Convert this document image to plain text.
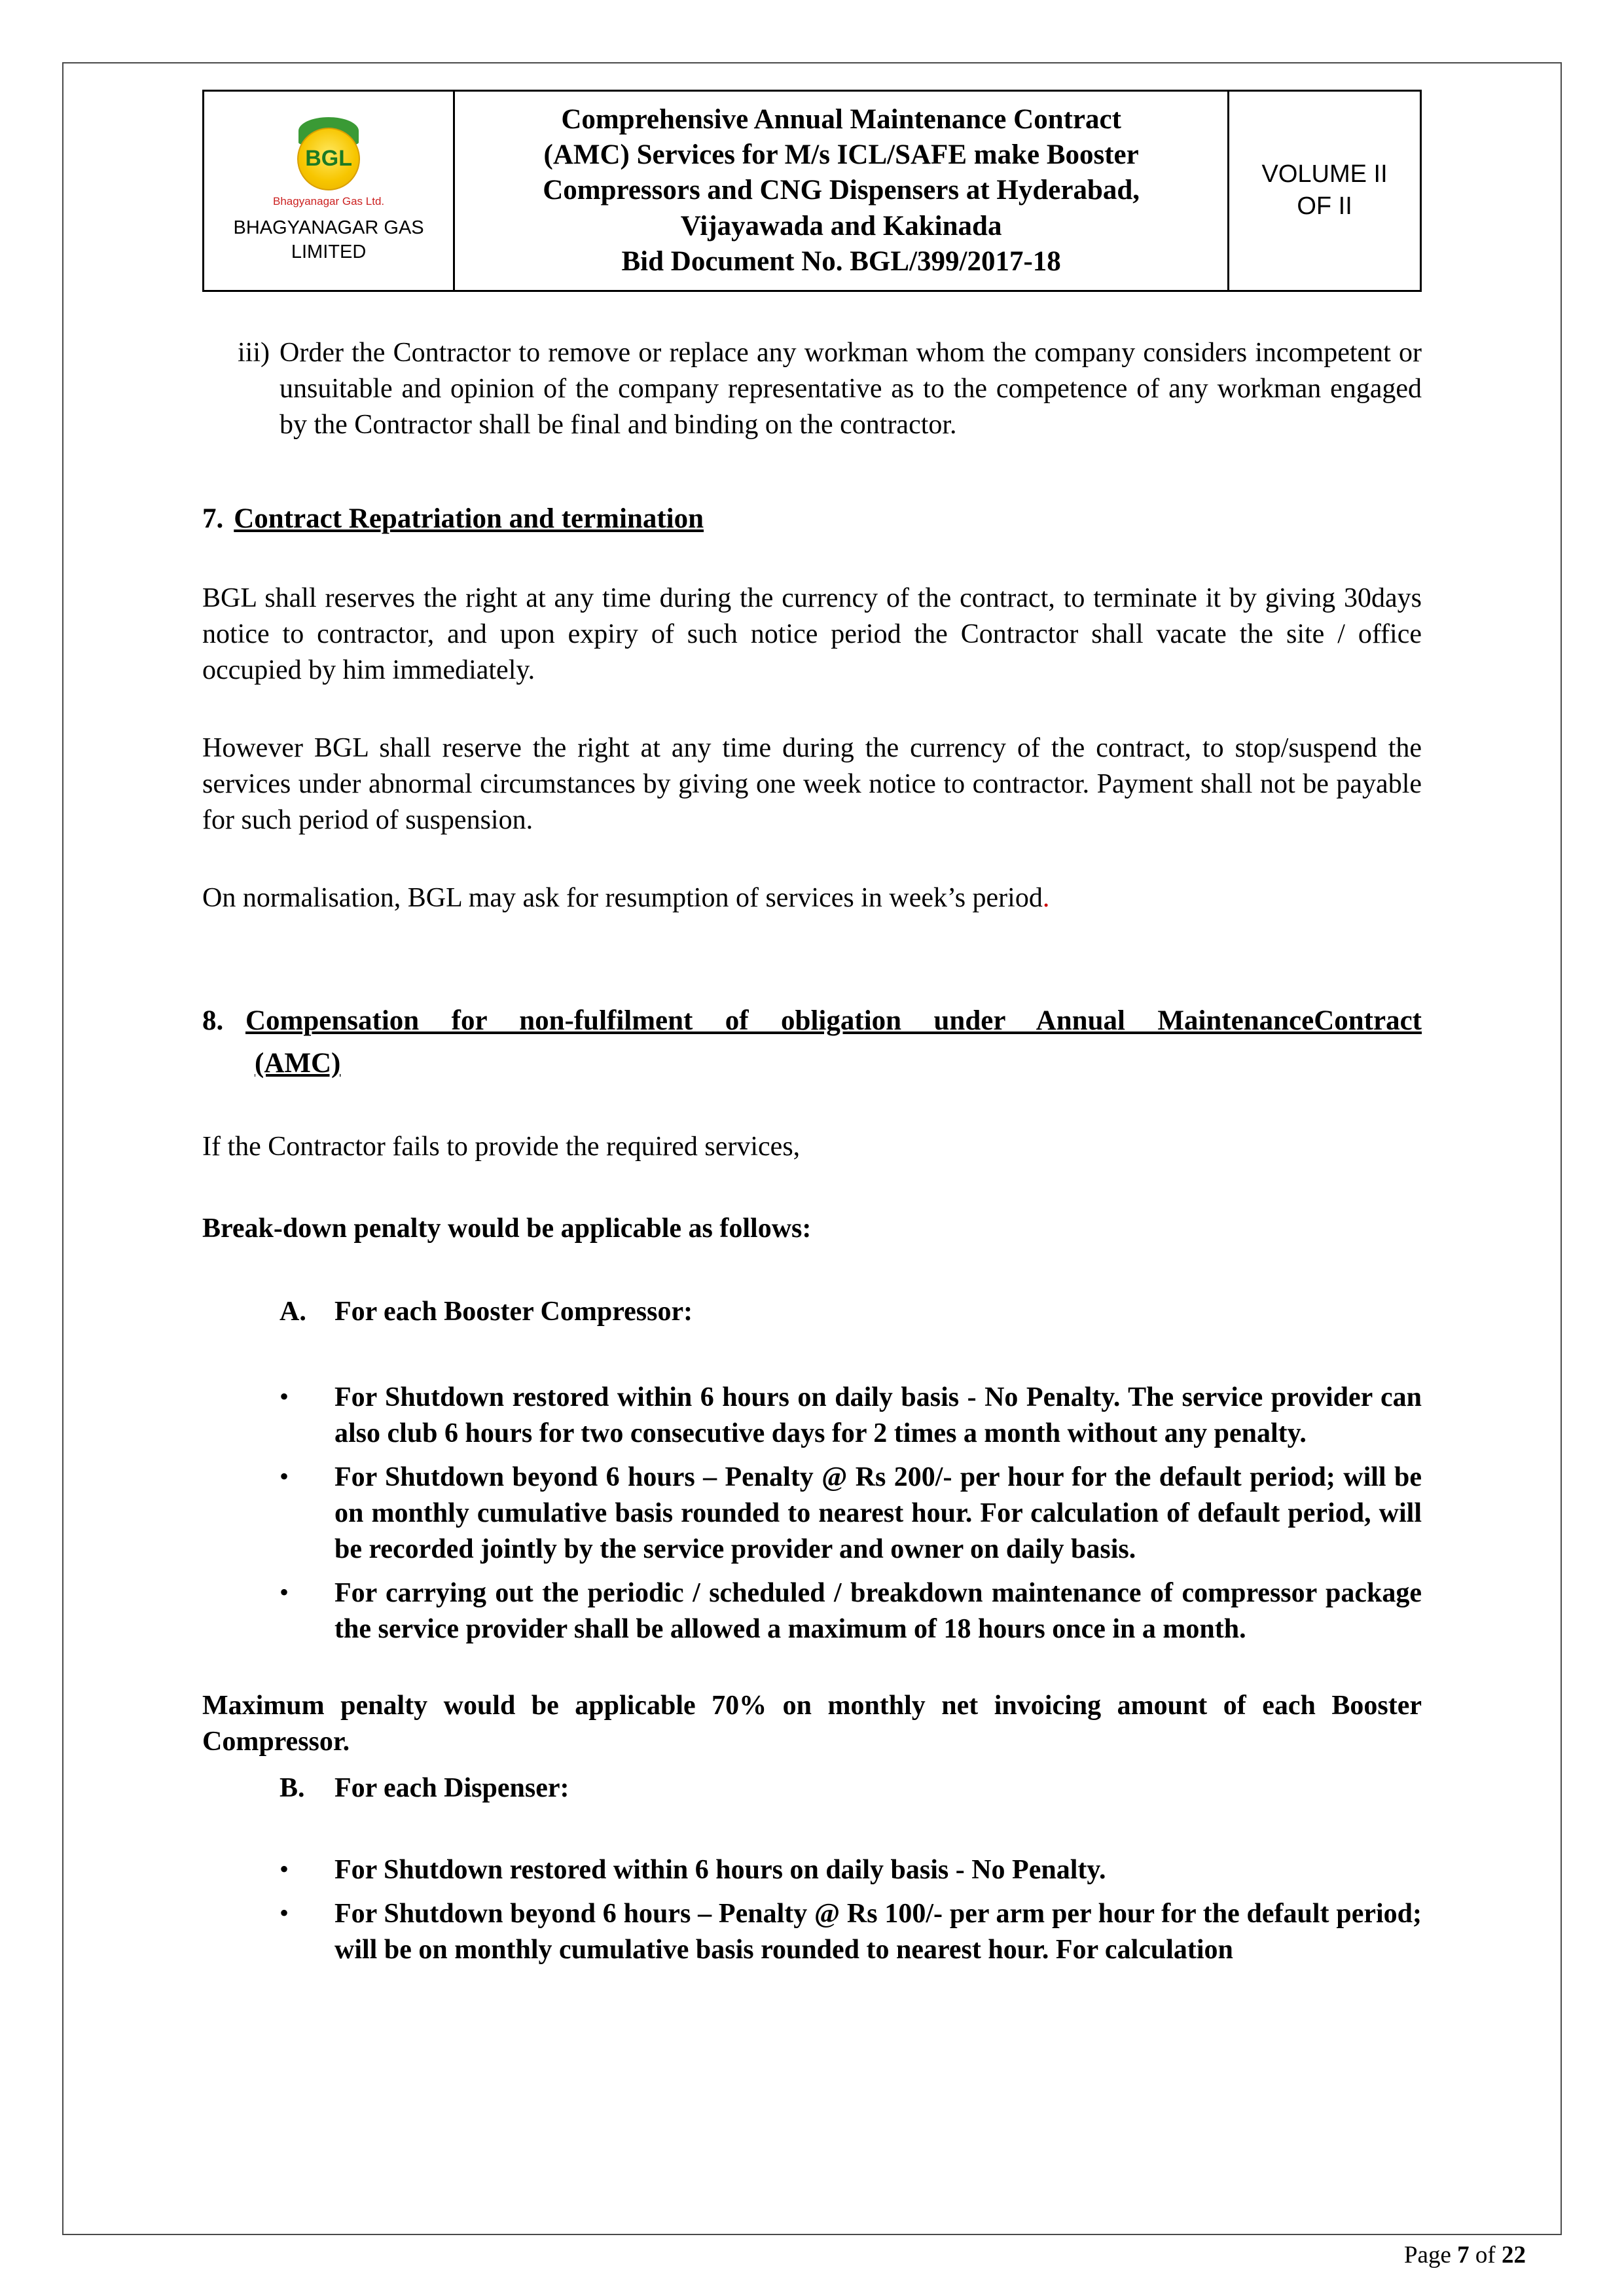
BGL
Bhagyanagar Gas Ltd.
BHAGYANAGAR GAS
LIMITED

Comprehensive Annual Maintenance Contract
(AMC) Services for M/s ICL/SAFE make Booster
Compressors and CNG Dispensers at Hyderabad,
Vijayawada and Kakinada
Bid Document No. BGL/399/2017-18

VOLUME II
OF II
iii) Order the Contractor to remove or replace any workman whom the company considers incompetent or unsuitable and opinion of the company representative as to the competence of any workman engaged by the Contractor shall be final and binding on the contractor.
7. Contract Repatriation and termination

BGL shall reserves the right at any time during the currency of the contract, to terminate it by giving 30days notice to contractor, and upon expiry of such notice period the Contractor shall vacate the site / office occupied by him immediately.

However BGL shall reserve the right at any time during the currency of the contract, to stop/suspend the services under abnormal circumstances by giving one week notice to contractor. Payment shall not be payable for such period of suspension.

On normalisation, BGL may ask for resumption of services in week’s period.

8. Compensation for non-fulfilment of obligation under Annual MaintenanceContract
(AMC)

If the Contractor fails to provide the required services,

Break-down penalty would be applicable as follows:

A.	For each Booster Compressor:
•	For Shutdown restored within 6 hours on daily basis - No Penalty. The service provider can also club 6 hours for two consecutive days for 2 times a month without any penalty.
•	For Shutdown beyond 6 hours – Penalty @ Rs 200/- per hour for the default period; will be on monthly cumulative basis rounded to nearest hour. For calculation of default period, will be recorded jointly by the service provider and owner on daily basis.
•	For carrying out the periodic / scheduled / breakdown maintenance of compressor package the service provider shall be allowed a maximum of 18 hours once in a month.

Maximum penalty would be applicable 70% on monthly net invoicing amount of each Booster Compressor.

B.	For each Dispenser:
•	For Shutdown restored within 6 hours on daily basis - No Penalty.
•	For Shutdown beyond 6 hours – Penalty @ Rs 100/- per arm per hour for the default period; will be on monthly cumulative basis rounded to nearest hour. For calculation
Page 7 of 22
